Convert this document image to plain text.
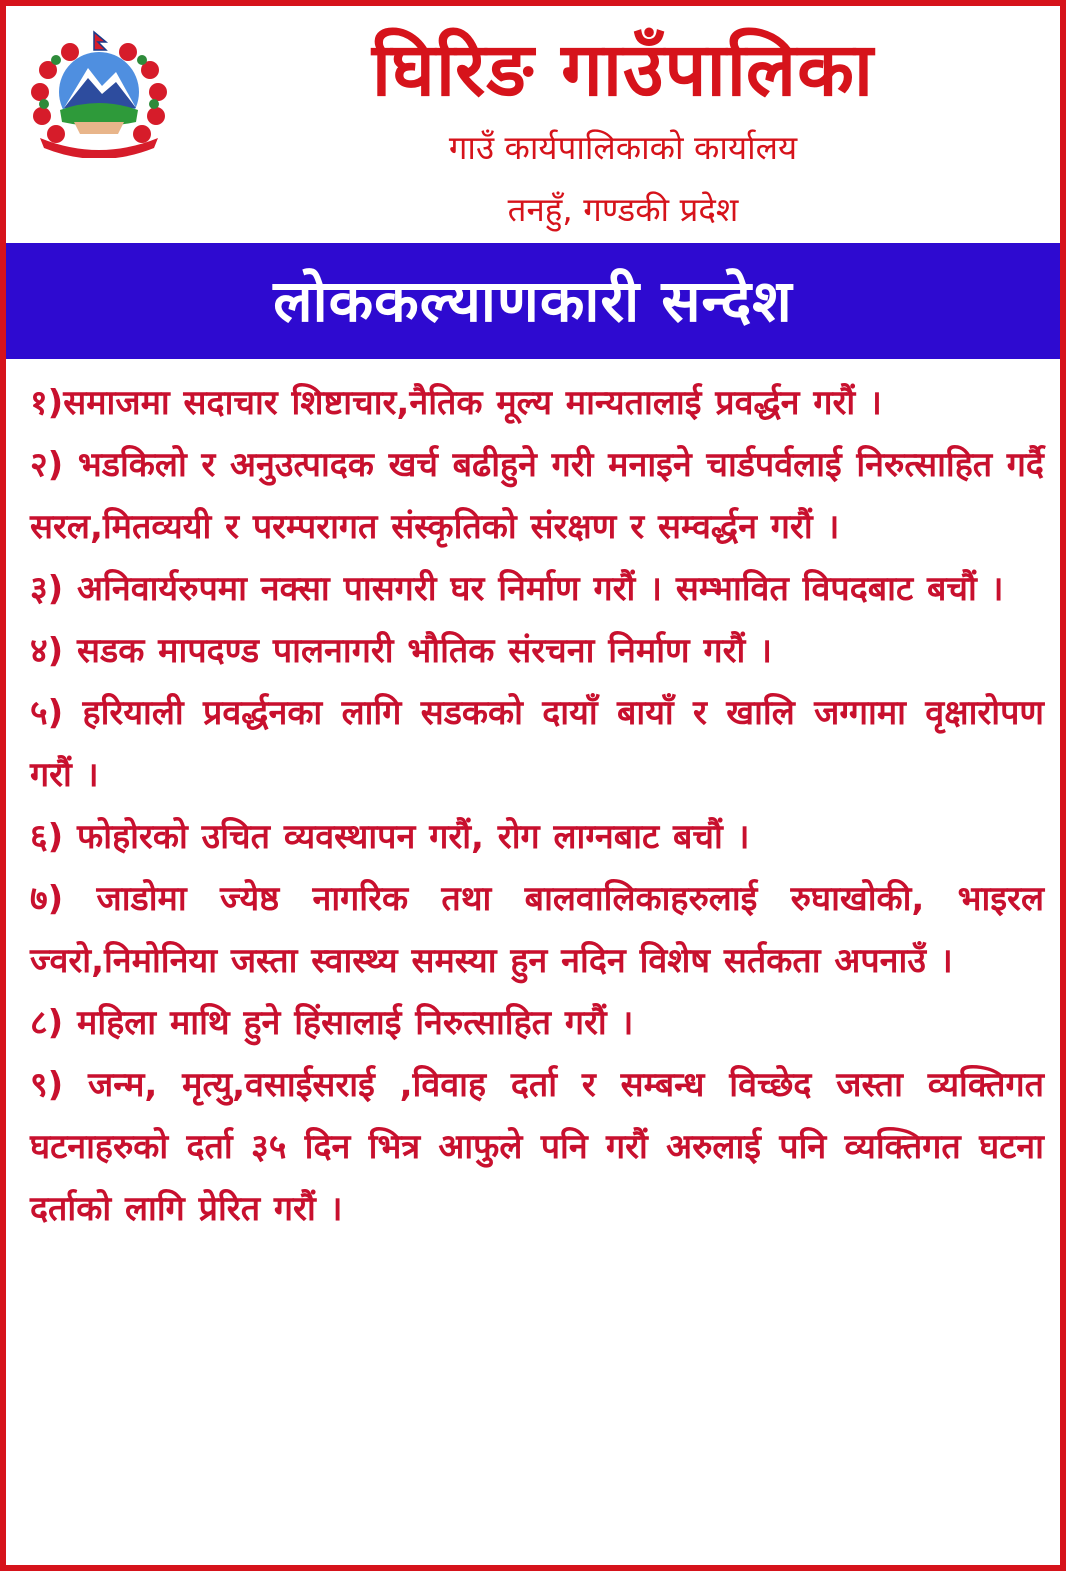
घिरिङ गाउँपालिका
गाउँ कार्यपालिकाको कार्यालय
तनहुँ, गण्डकी प्रदेश
लोककल्याणकारी सन्देश
१)समाजमा सदाचार शिष्टाचार,नैतिक मूल्य मान्यतालाई प्रवर्द्धन गरौं ।
२) भडकिलो र अनुउत्पादक खर्च बढीहुने गरी मनाइने चार्डपर्वलाई निरुत्साहित गर्दै सरल,मितव्ययी र परम्परागत संस्कृतिको संरक्षण र सम्वर्द्धन गरौं ।
३) अनिवार्यरुपमा नक्सा पासगरी घर निर्माण गरौं । सम्भावित विपदबाट बचौं ।
४) सडक मापदण्ड पालनागरी भौतिक संरचना निर्माण गरौं ।
५) हरियाली प्रवर्द्धनका लागि सडकको दायाँ बायाँ र खालि जग्गामा वृक्षारोपण गरौं ।
६) फोहोरको उचित व्यवस्थापन गरौं, रोग लाग्नबाट बचौं ।
७) जाडोमा ज्येष्ठ नागरिक तथा बालवालिकाहरुलाई रुघाखोकी, भाइरल ज्वरो,निमोनिया जस्ता स्वास्थ्य समस्या हुन नदिन विशेष सर्तकता अपनाउँ ।
८) महिला माथि हुने हिंसालाई निरुत्साहित गरौं ।
९) जन्म, मृत्यु,वसाईसराई ,विवाह दर्ता र सम्बन्ध विच्छेद जस्ता व्यक्तिगत घटनाहरुको दर्ता ३५ दिन भित्र आफुले पनि गरौं अरुलाई पनि व्यक्तिगत घटना दर्ताको लागि प्रेरित गरौं ।
